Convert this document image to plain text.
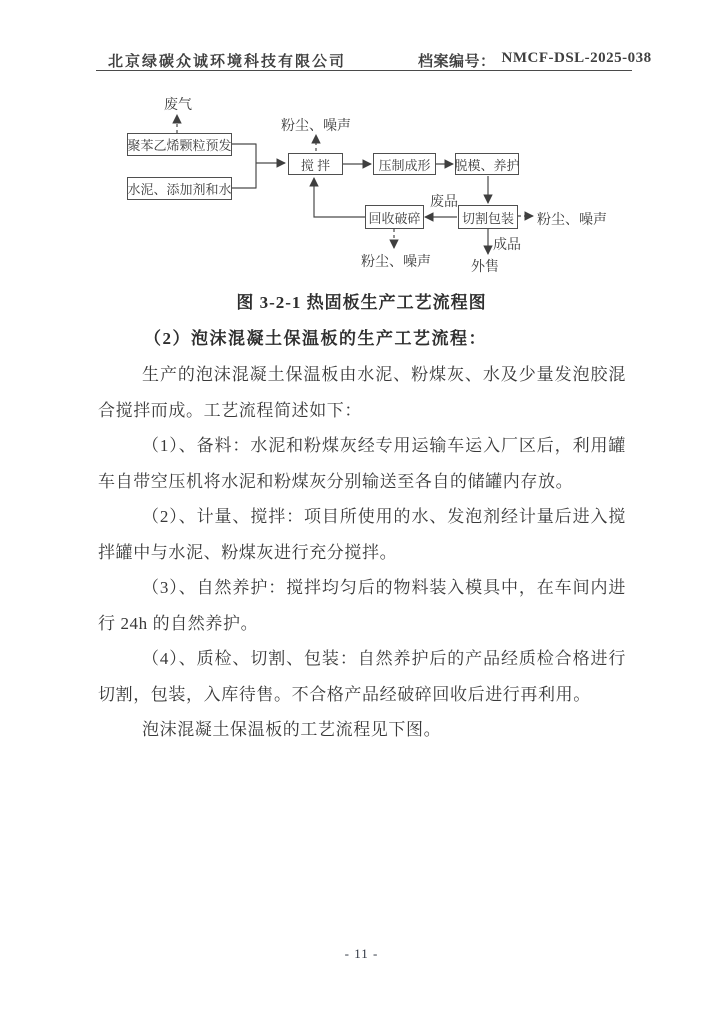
北京绿碳众诚环境科技有限公司	档案编号： NMCF-DSL-2025-038
聚苯乙烯颗粒预发
水泥、添加剂和水
搅 拌	压制成形	脱模、养护
切割包装
回收破碎
废气
粉尘、噪声
废品
粉尘、噪声
成品
外售
粉尘、噪声
图 3-2-1 热固板生产工艺流程图
（2）泡沫混凝土保温板的生产工艺流程：

生产的泡沫混凝土保温板由水泥、粉煤灰、水及少量发泡胶混合搅拌而成。工艺流程简述如下：

（1）、备料：水泥和粉煤灰经专用运输车运入厂区后，利用罐车自带空压机将水泥和粉煤灰分别输送至各自的储罐内存放。

（2）、计量、搅拌：项目所使用的水、发泡剂经计量后进入搅拌罐中与水泥、粉煤灰进行充分搅拌。

（3）、自然养护：搅拌均匀后的物料装入模具中，在车间内进行 24h 的自然养护。

（4）、质检、切割、包装：自然养护后的产品经质检合格进行切割，包装，入库待售。不合格产品经破碎回收后进行再利用。

泡沫混凝土保温板的工艺流程见下图。

- 11 -
